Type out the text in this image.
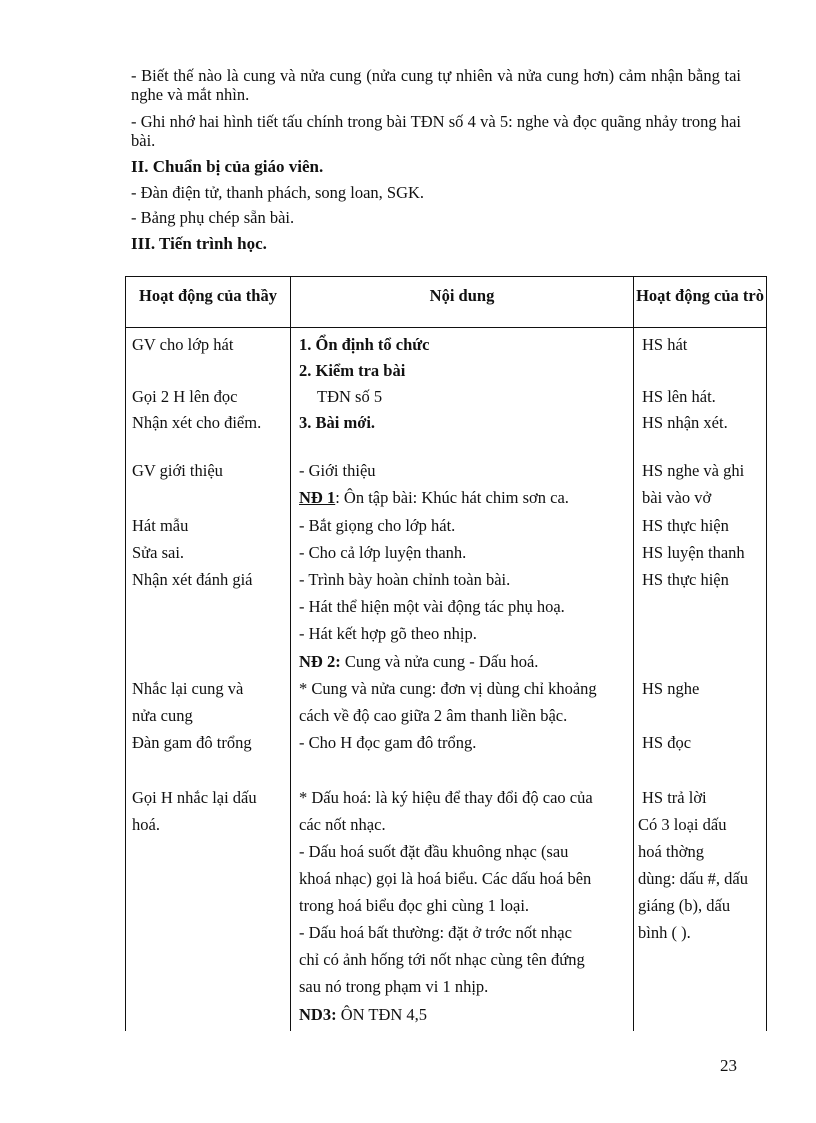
- Biết thế nào là cung và nửa cung (nửa cung tự nhiên và nửa cung hơn) cảm nhận bằng tai nghe và mắt nhìn.

- Ghi nhớ hai hình tiết tấu chính trong bài TĐN số 4 và 5: nghe và đọc quãng nhảy trong hai bài.

II. Chuẩn bị của giáo viên.
- Đàn điện tử, thanh phách, song loan, SGK.
- Bảng phụ chép sẵn bài.
III. Tiến trình học.
Hoạt động của thầy	Nội dung	Hoạt động của trò
GV cho lớp hát
Gọi 2 H lên đọc
Nhận xét cho điểm.
GV giới thiệu
Hát mẫu
Sửa sai.
Nhận xét đánh giá
Nhắc lại cung và
nửa cung
Đàn gam đô trổng
Gọi H nhắc lại dấu
hoá.
1. Ổn định tổ chức
2. Kiểm tra bài
TĐN số 5
3. Bài mới.
- Giới thiệu
NĐ 1: Ôn tập bài: Khúc hát chim sơn ca.
- Bắt giọng cho lớp hát.
- Cho cả lớp luyện thanh.
- Trình bày hoàn chỉnh toàn bài.
- Hát thể hiện một vài động tác phụ hoạ.
- Hát kết hợp gõ theo nhịp.
NĐ 2: Cung và nửa cung - Dấu hoá.
* Cung và nửa cung: đơn vị dùng chỉ khoảng
cách về độ cao giữa 2 âm thanh liền bậc.
- Cho H đọc gam đô trổng.
* Dấu hoá: là ký hiệu để thay đổi độ cao của
các nốt nhạc.
- Dấu hoá suốt đặt đầu khuông nhạc (sau
khoá nhạc) gọi là hoá biểu. Các dấu hoá bên
trong hoá biểu đọc ghi cùng 1 loại.
- Dấu hoá bất thường: đặt ở trớc nốt nhạc
chỉ có ảnh hống tới nốt nhạc cùng tên đứng
sau nó trong phạm vi 1 nhịp.
ND3: ÔN TĐN 4,5
HS hát
HS lên hát.
HS nhận xét.
HS nghe và ghi
bài vào vở
HS thực hiện
HS luyện thanh
HS thực hiện
HS nghe
HS đọc
HS trả lời
Có 3 loại dấu
hoá thờng
dùng: dấu #, dấu
giáng (b), dấu
bình ( ).
23
